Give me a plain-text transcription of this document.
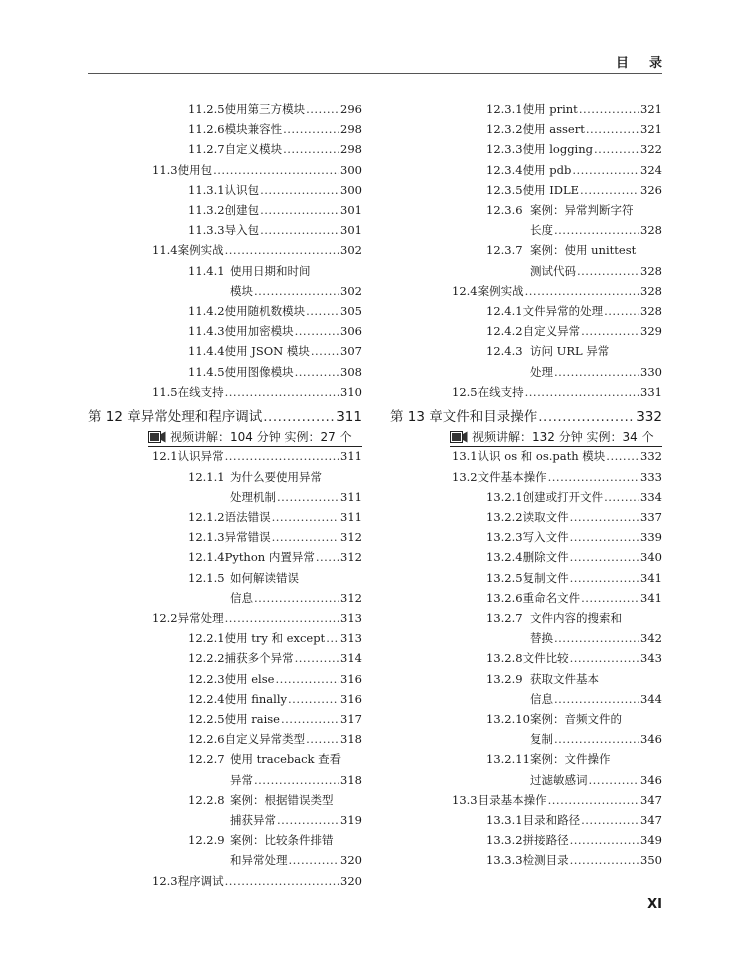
目录
11.2.5 使用第三方模块 .....	296
11.2.6 模块兼容性 .....	298
11.2.7 自定义模块 .....	298
11.3 使用包 .....	300
11.3.1 认识包 .....	300
11.3.2 创建包 .....	301
11.3.3 导入包 .....	301
11.4 案例实战 .....	302
11.4.1 使用日期和时间
模块 .....	302
11.4.2 使用随机数模块 .....	305
11.4.3 使用加密模块 .....	306
11.4.4 使用 JSON 模块 .....	307
11.4.5 使用图像模块 .....	308
11.5 在线支持 .....	310
第 12 章 异常处理和程序调试 .....	311
视频讲解：104 分钟 实例：27 个
12.1 认识异常 .....	311
12.1.1 为什么要使用异常
处理机制 .....	311
12.1.2 语法错误 .....	311
12.1.3 异常错误 .....	312
12.1.4 Python 内置异常 ..... 312
12.1.5 如何解读错误
信息 .....	312
12.2 异常处理 .....	313
12.2.1 使用 try 和 except ..... 313
12.2.2 捕获多个异常 .....	314
12.2.3 使用 else .....	316
12.2.4 使用 finally .....	316
12.2.5 使用 raise .....	317
12.2.6 自定义异常类型 .....	318
12.2.7 使用 traceback 查看
异常 .....	318
12.2.8 案例：根据错误类型
捕获异常 .....	319
12.2.9 案例：比较条件排错
和异常处理 .....	320
12.3 程序调试 .....	320
12.3.1 使用 print .....	321
12.3.2 使用 assert .....	321
12.3.3 使用 logging .....	322
12.3.4 使用 pdb .....	324
12.3.5 使用 IDLE .....	326
12.3.6 案例：异常判断字符
长度 .....	328
12.3.7 案例：使用 unittest
测试代码 .....	328
12.4 案例实战 .....	328
12.4.1 文件异常的处理 .....	328
12.4.2 自定义异常 .....	329
12.4.3 访问 URL 异常
处理 .....	330
12.5 在线支持 .....	331
第 13 章 文件和目录操作 .....	332
视频讲解：132 分钟 实例：34 个
13.1 认识 os 和 os.path 模块 .....	332
13.2 文件基本操作 .....	333
13.2.1 创建或打开文件 .....	334
13.2.2 读取文件 .....	337
13.2.3 写入文件 .....	339
13.2.4 删除文件 .....	340
13.2.5 复制文件 .....	341
13.2.6 重命名文件 .....	341
13.2.7 文件内容的搜索和
替换 .....	342
13.2.8 文件比较 .....	343
13.2.9 获取文件基本
信息 .....	344
13.2.10 案例：音频文件的
复制 .....	346
13.2.11 案例：文件操作
过滤敏感词 .....	346
13.3 目录基本操作 .....	347
13.3.1 目录和路径 .....	347
13.3.2 拼接路径 .....	349
13.3.3 检测目录 .....	350
XI
